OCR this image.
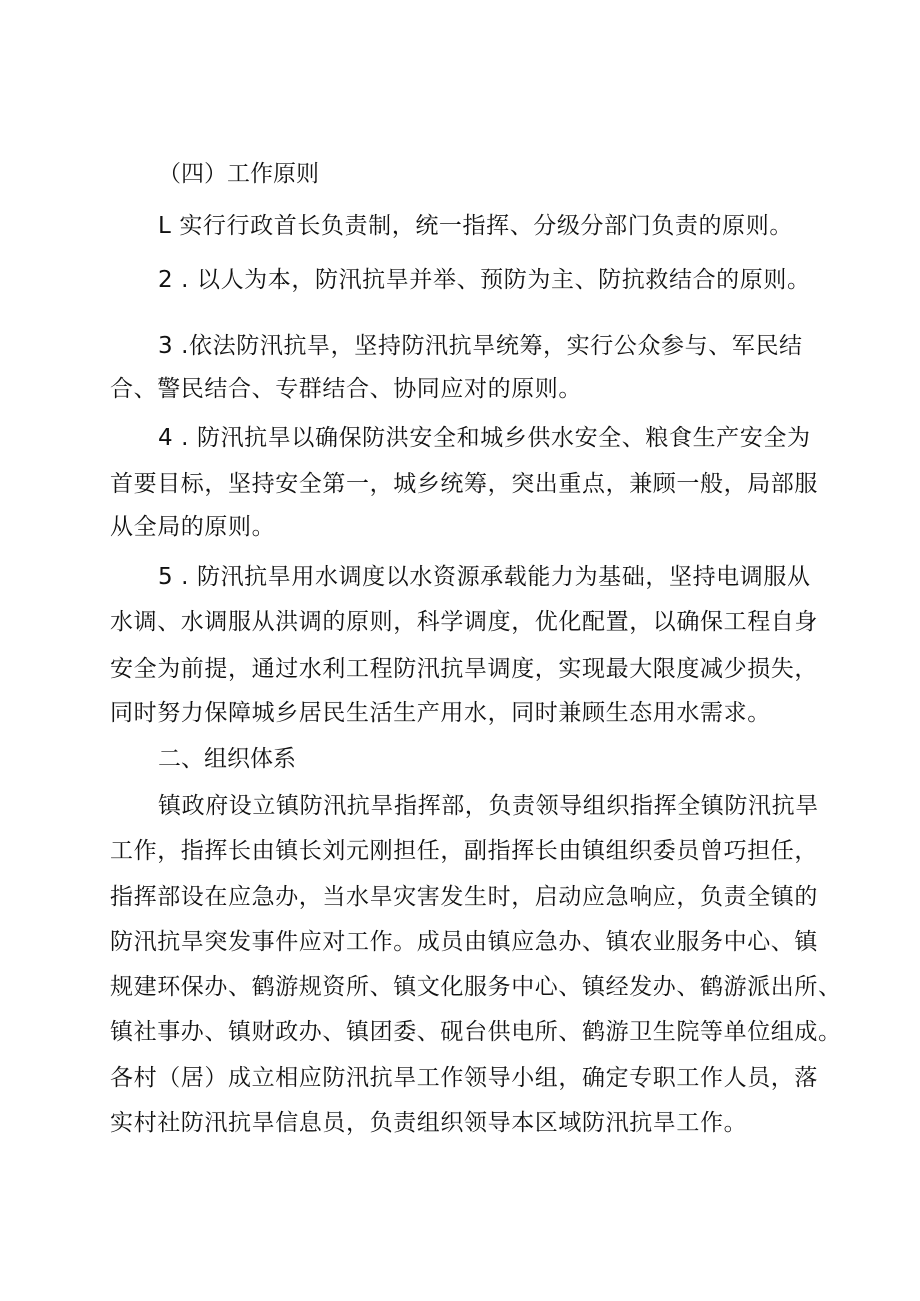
（四）工作原则
L 实行行政首长负责制，统一指挥、分级分部门负责的原则。
2 . 以人为本，防汛抗旱并举、预防为主、防抗救结合的原则。
3 .依法防汛抗旱，坚持防汛抗旱统筹，实行公众参与、军民结
合、警民结合、专群结合、协同应对的原则。
4 . 防汛抗旱以确保防洪安全和城乡供水安全、粮食生产安全为
首要目标，坚持安全第一，城乡统筹，突出重点，兼顾一般，局部服
从全局的原则。
5 . 防汛抗旱用水调度以水资源承载能力为基础，坚持电调服从
水调、水调服从洪调的原则，科学调度，优化配置，以确保工程自身
安全为前提，通过水利工程防汛抗旱调度，实现最大限度减少损失，
同时努力保障城乡居民生活生产用水，同时兼顾生态用水需求。
二、组织体系
镇政府设立镇防汛抗旱指挥部，负责领导组织指挥全镇防汛抗旱
工作，指挥长由镇长刘元刚担任，副指挥长由镇组织委员曾巧担任，
指挥部设在应急办，当水旱灾害发生时，启动应急响应，负责全镇的
防汛抗旱突发事件应对工作。成员由镇应急办、镇农业服务中心、镇
规建环保办、鹤游规资所、镇文化服务中心、镇经发办、鹤游派出所、
镇社事办、镇财政办、镇团委、砚台供电所、鹤游卫生院等单位组成。
各村（居）成立相应防汛抗旱工作领导小组，确定专职工作人员，落
实村社防汛抗旱信息员，负责组织领导本区域防汛抗旱工作。
